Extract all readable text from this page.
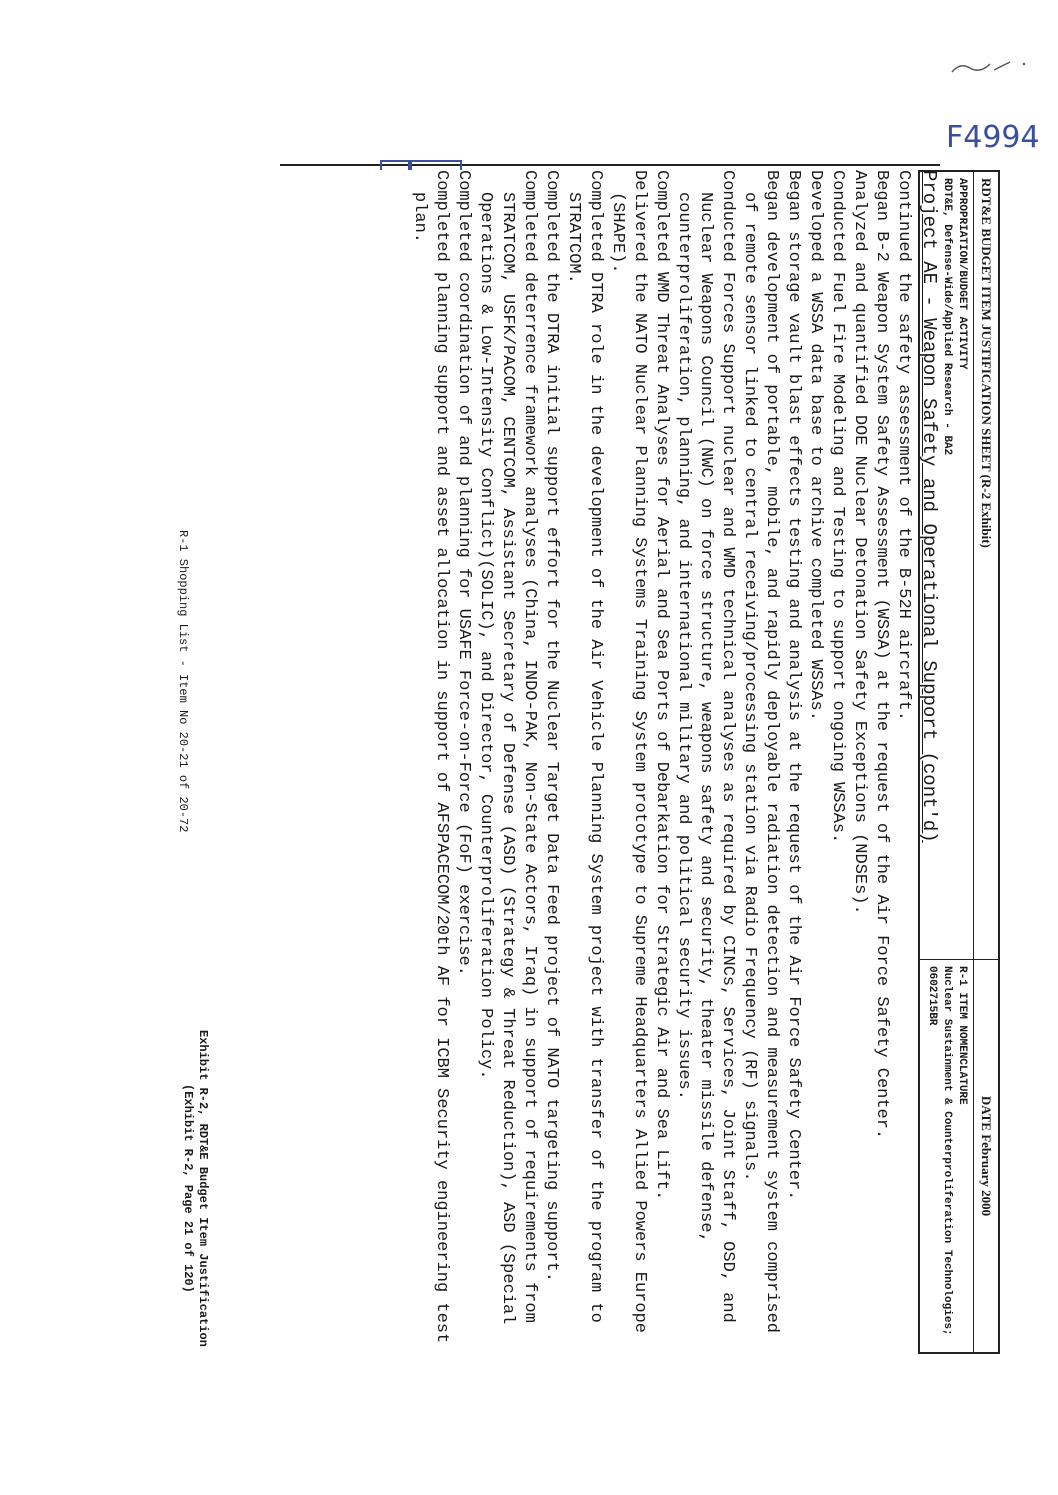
RDT&E BUDGET ITEM JUSTIFICATION SHEET (R-2 Exhibit)
DATE February 2000
APPROPRIATION/BUDGET ACTIVITY
RDT&E, Defense-Wide/Applied Research - BA2
R-1 ITEM NOMENCLATURE
Nuclear Sustainment & Counterproliferation Technologies; 0602715BR
Project AE - Weapon Safety and Operational Support (cont'd)
Continued the safety assessment of the B-52H aircraft.
Began B-2 Weapon System Safety Assessment (WSSA) at the request of the Air Force Safety Center.
Analyzed and quantified DOE Nuclear Detonation Safety Exceptions (NDSEs).
Conducted Fuel Fire Modeling and Testing to support ongoing WSSAs.
Developed a WSSA data base to archive completed WSSAs.
Began storage vault blast effects testing and analysis at the request of the Air Force Safety Center.
Began development of portable, mobile, and rapidly deployable radiation detection and measurement system comprised of remote sensor linked to central receiving/processing station via Radio Frequency (RF) signals.
Conducted Forces Support nuclear and WMD technical analyses as required by CINCs, Services, Joint Staff, OSD, and Nuclear Weapons Council (NWC) on force structure, weapons safety and security, theater missile defense, counterproliferation, planning, and international military and political security issues.
Completed WMD Threat Analyses for Aerial and Sea Ports of Debarkation for Strategic Air and Sea Lift.
Delivered the NATO Nuclear Planning Systems Training System prototype to Supreme Headquarters Allied Powers Europe (SHAPE).
Completed DTRA role in the development of the Air Vehicle Planning System project with transfer of the program to STRATCOM.
Completed the DTRA initial support effort for the Nuclear Target Data Feed project of NATO targeting support.
Completed deterrence framework analyses (China, INDO-PAK, Non-State Actors, Iraq) in support of requirements from STRATCOM, USFK/PACOM, CENTCOM, Assistant Secretary of Defense (ASD) (Strategy & Threat Reduction), ASD (Special Operations & Low-Intensity Conflict)(SOLIC), and Director, Counterproliferation Policy.
Completed coordination of and planning for USAFE Force-on-Force (FoF) exercise.
Completed planning support and asset allocation in support of AFSPACECOM/20th AF for ICBM Security engineering test plan.
F4994
R-1 Shopping List - Item No 20-21 of 20-72
Exhibit R-2, RDT&E Budget Item Justification
(Exhibit R-2, Page 21 of 120)
